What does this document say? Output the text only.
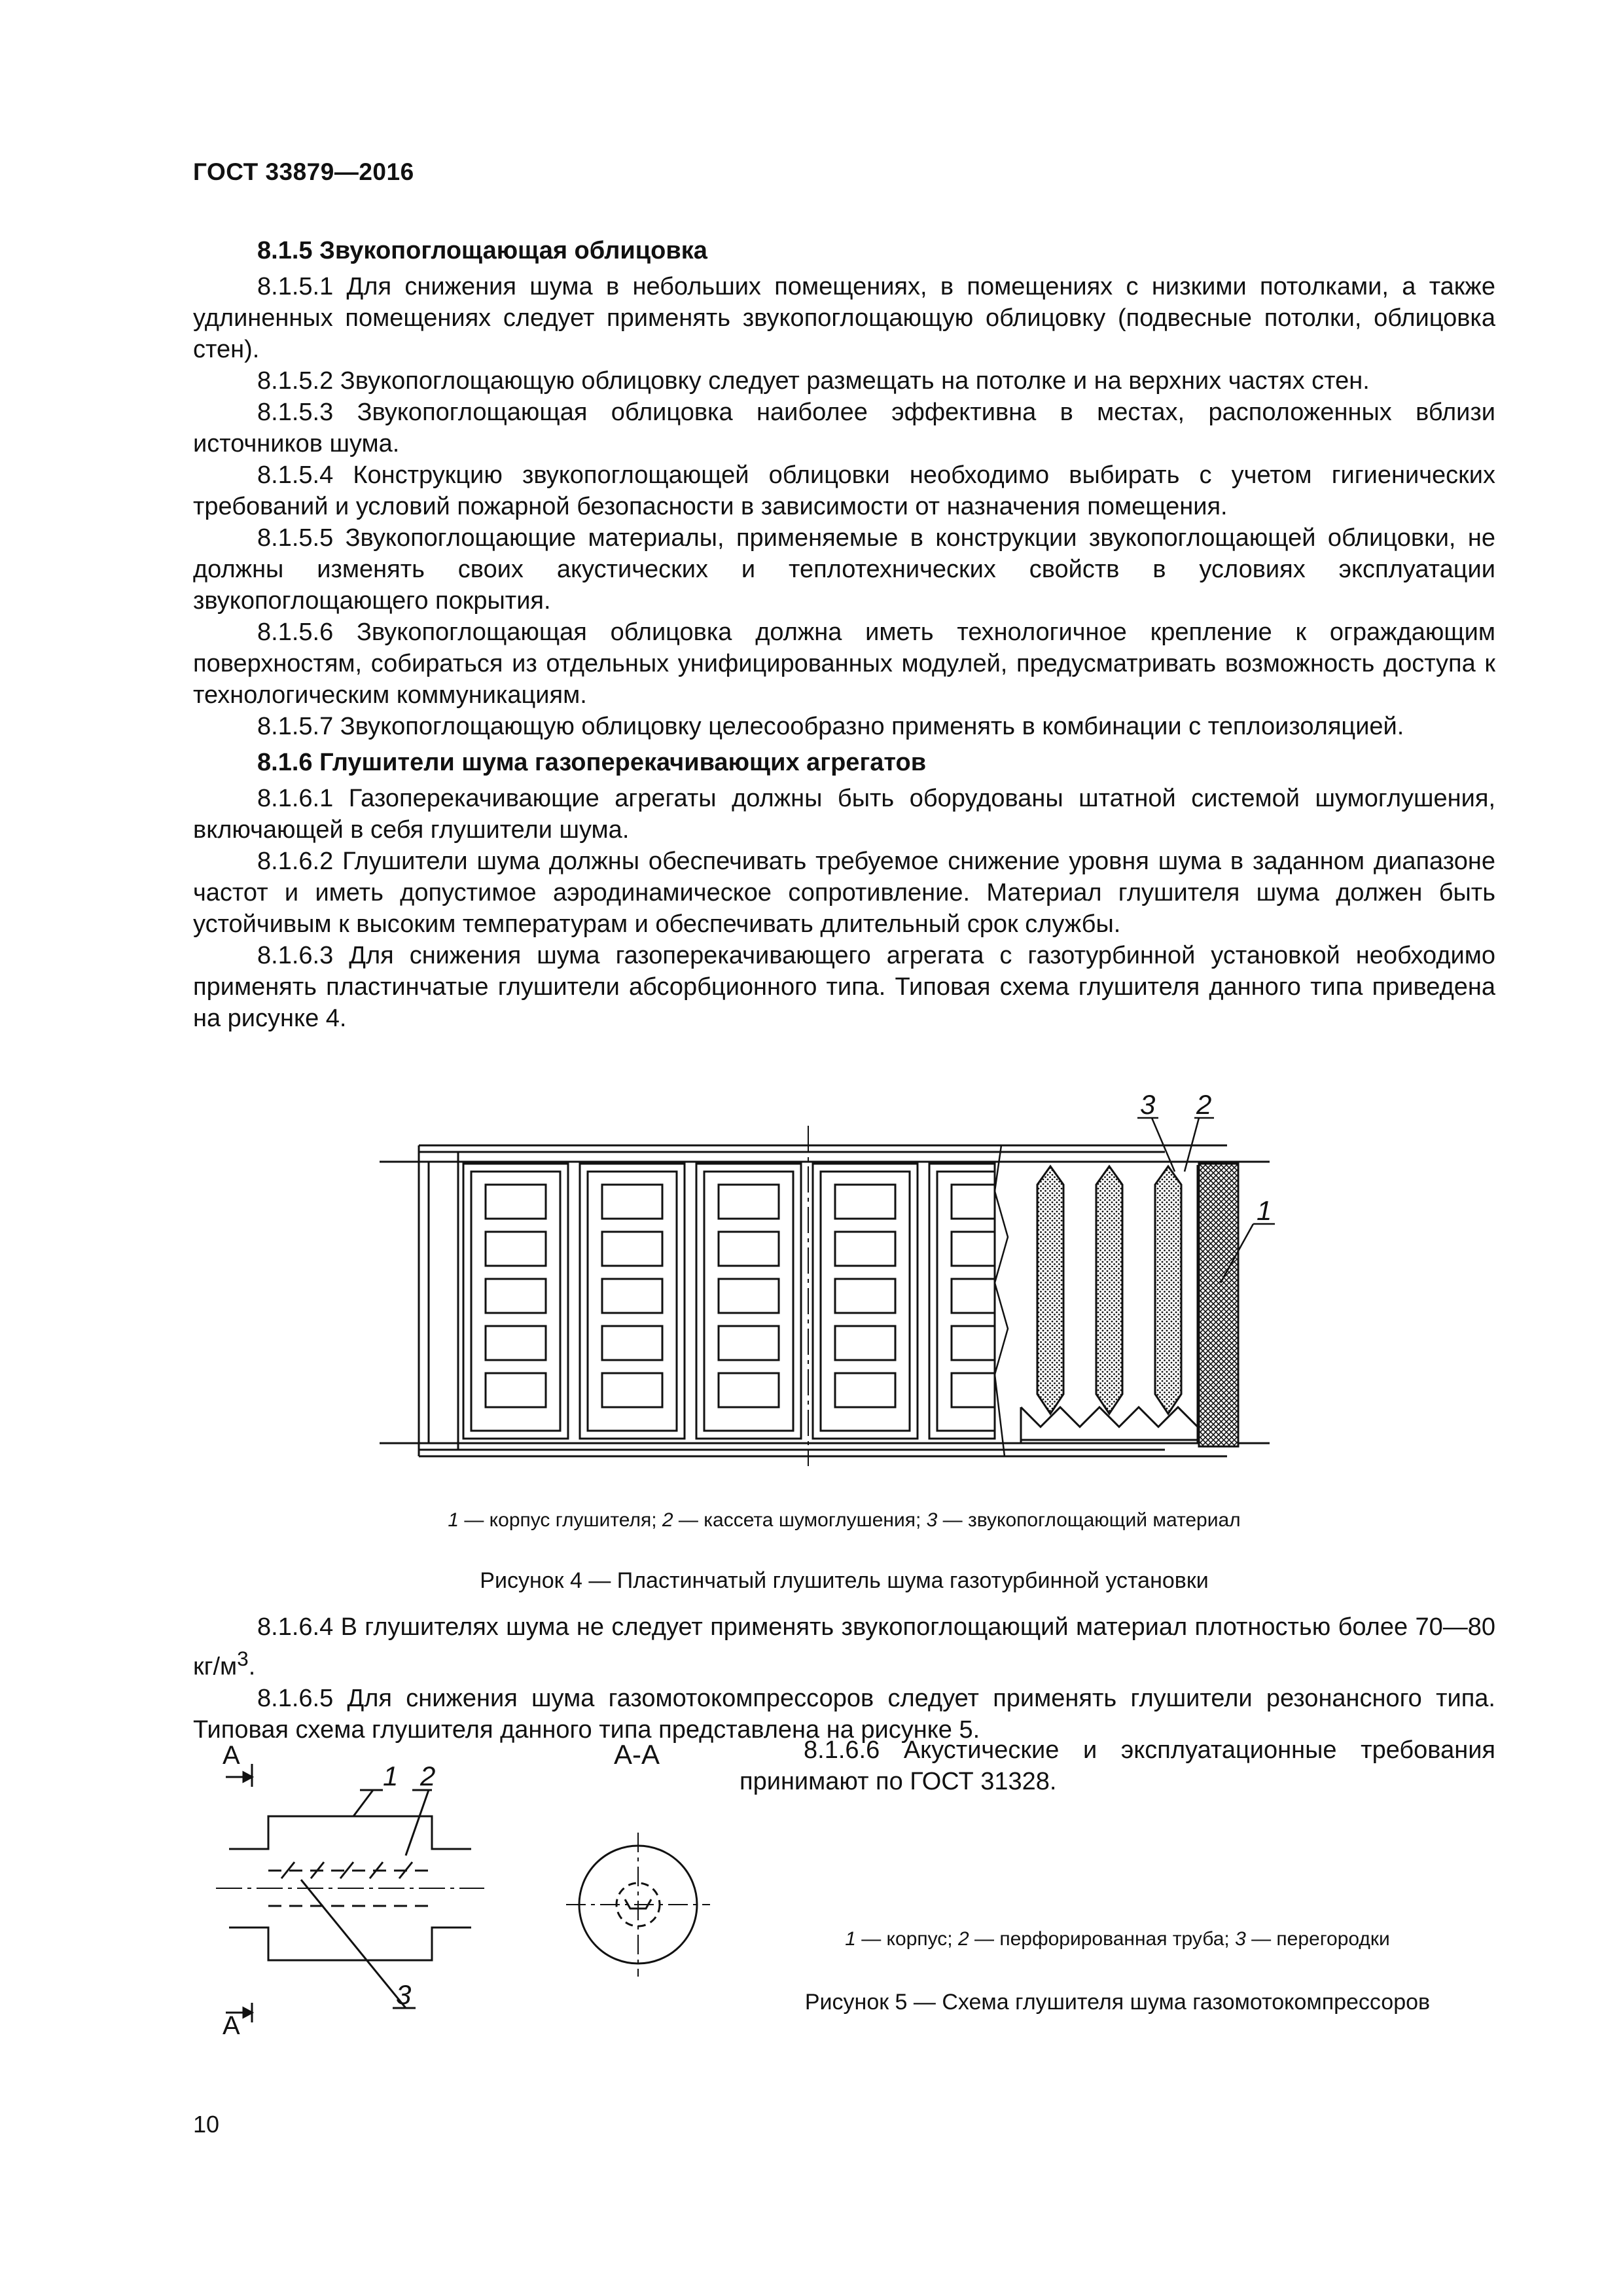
ГОСТ 33879—2016

8.1.5 Звукопоглощающая облицовка

8.1.5.1 Для снижения шума в небольших помещениях, в помещениях с низкими потолками, а также удлиненных помещениях следует применять звукопоглощающую облицовку (подвесные потолки, облицовка стен).

8.1.5.2 Звукопоглощающую облицовку следует размещать на потолке и на верхних частях стен.

8.1.5.3 Звукопоглощающая облицовка наиболее эффективна в местах, расположенных вблизи источников шума.

8.1.5.4 Конструкцию звукопоглощающей облицовки необходимо выбирать с учетом гигиенических требований и условий пожарной безопасности в зависимости от назначения помещения.

8.1.5.5 Звукопоглощающие материалы, применяемые в конструкции звукопоглощающей облицовки, не должны изменять своих акустических и теплотехнических свойств в условиях эксплуатации звукопоглощающего покрытия.

8.1.5.6 Звукопоглощающая облицовка должна иметь технологичное крепление к ограждающим поверхностям, собираться из отдельных унифицированных модулей, предусматривать возможность доступа к технологическим коммуникациям.

8.1.5.7 Звукопоглощающую облицовку целесообразно применять в комбинации с теплоизоляцией.

8.1.6 Глушители шума газоперекачивающих агрегатов

8.1.6.1 Газоперекачивающие агрегаты должны быть оборудованы штатной системой шумоглушения, включающей в себя глушители шума.

8.1.6.2 Глушители шума должны обеспечивать требуемое снижение уровня шума в заданном диапазоне частот и иметь допустимое аэродинамическое сопротивление. Материал глушителя шума должен быть устойчивым к высоким температурам и обеспечивать длительный срок службы.

8.1.6.3 Для снижения шума газоперекачивающего агрегата с газотурбинной установкой необходимо применять пластинчатые глушители абсорбционного типа. Типовая схема глушителя данного типа приведена на рисунке 4.

3 2
1
1 — корпус глушителя; 2 — кассета шумоглушения; 3 — звукопоглощающий материал
Рисунок 4 — Пластинчатый глушитель шума газотурбинной установки

8.1.6.4 В глушителях шума не следует применять звукопоглощающий материал плотностью более 70—80 $кг/м^3$.

8.1.6.5 Для снижения шума газомотокомпрессоров следует применять глушители резонансного типа. Типовая схема глушителя данного типа представлена на рисунке 5.

А
А
А-А
1 2
3

8.1.6.6 Акустические и эксплуатационные требования принимают по ГОСТ 31328.

1 — корпус; 2 — перфорированная труба; 3 — перегородки
Рисунок 5 — Схема глушителя шума газомотокомпрессоров
10
